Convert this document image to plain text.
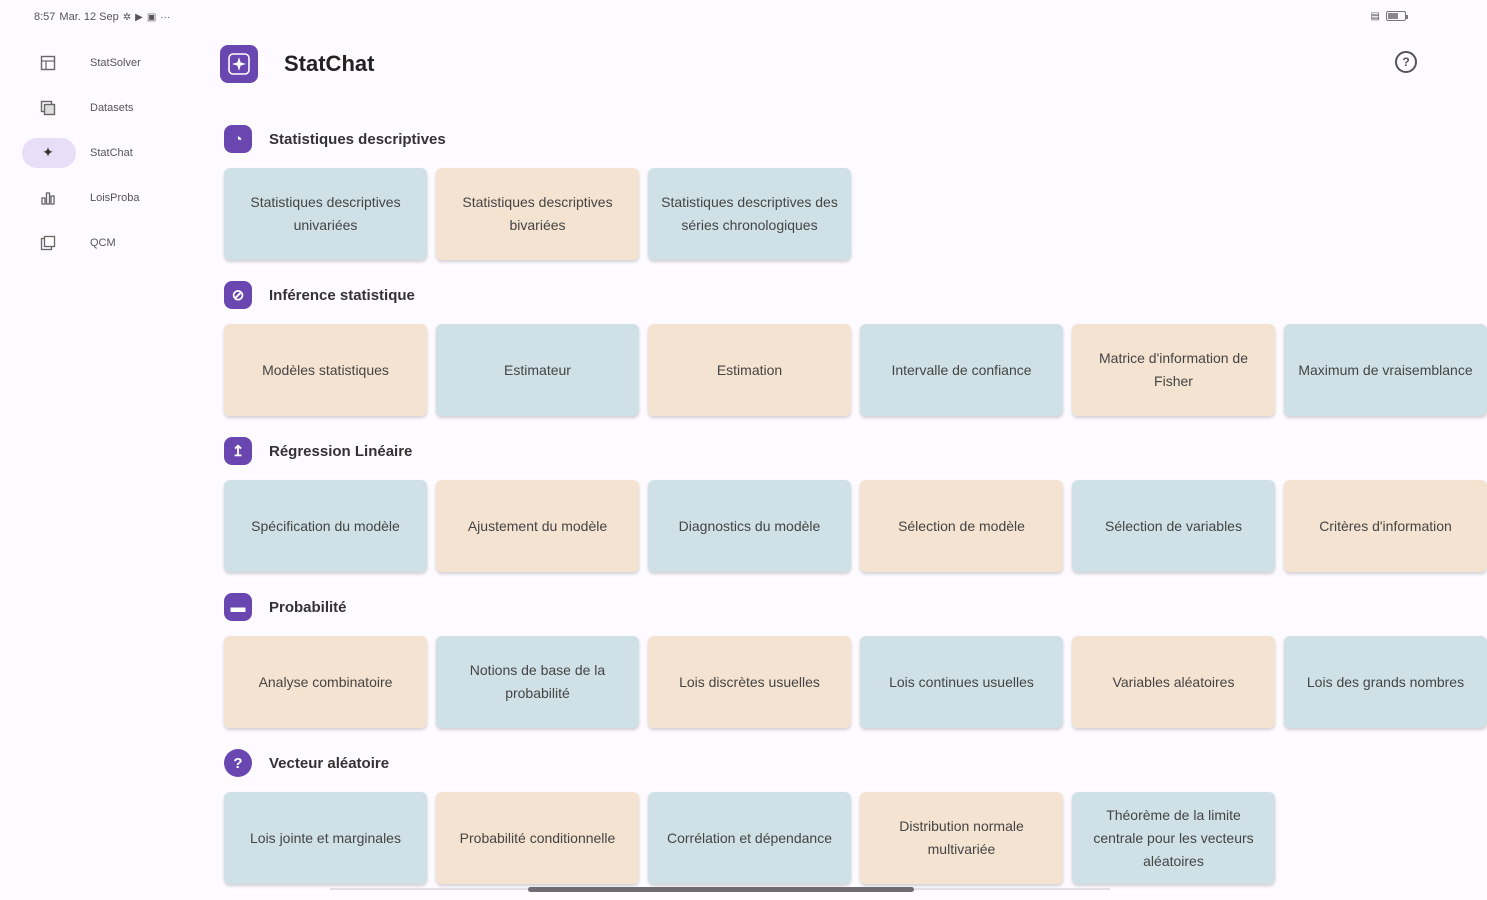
8:57 Mar. 12 Sep ✲ ▶ ▣ ···	▤
StatSolver
Datasets
✦	StatChat
LoisProba
QCM
StatChat	?
◔	Statistiques descriptives
Statistiques descriptives univariées
Statistiques descriptives bivariées
Statistiques descriptives des séries chronologiques
⊘	Inférence statistique
Modèles statistiques	Estimateur	Estimation	Intervalle de confiance
Matrice d'information de Fisher
Maximum de vraisemblance
↥	Régression Linéaire
Spécification du modèle	Ajustement du modèle	Diagnostics du modèle	Sélection de modèle	Sélection de variables	Critères d'information
▬	Probabilité
Analyse combinatoire
Notions de base de la probabilité
Lois discrètes usuelles	Lois continues usuelles	Variables aléatoires	Lois des grands nombres
?	Vecteur aléatoire
Lois jointe et marginales	Probabilité conditionnelle	Corrélation et dépendance
Distribution normale multivariée
Théorème de la limite centrale pour les vecteurs aléatoires
